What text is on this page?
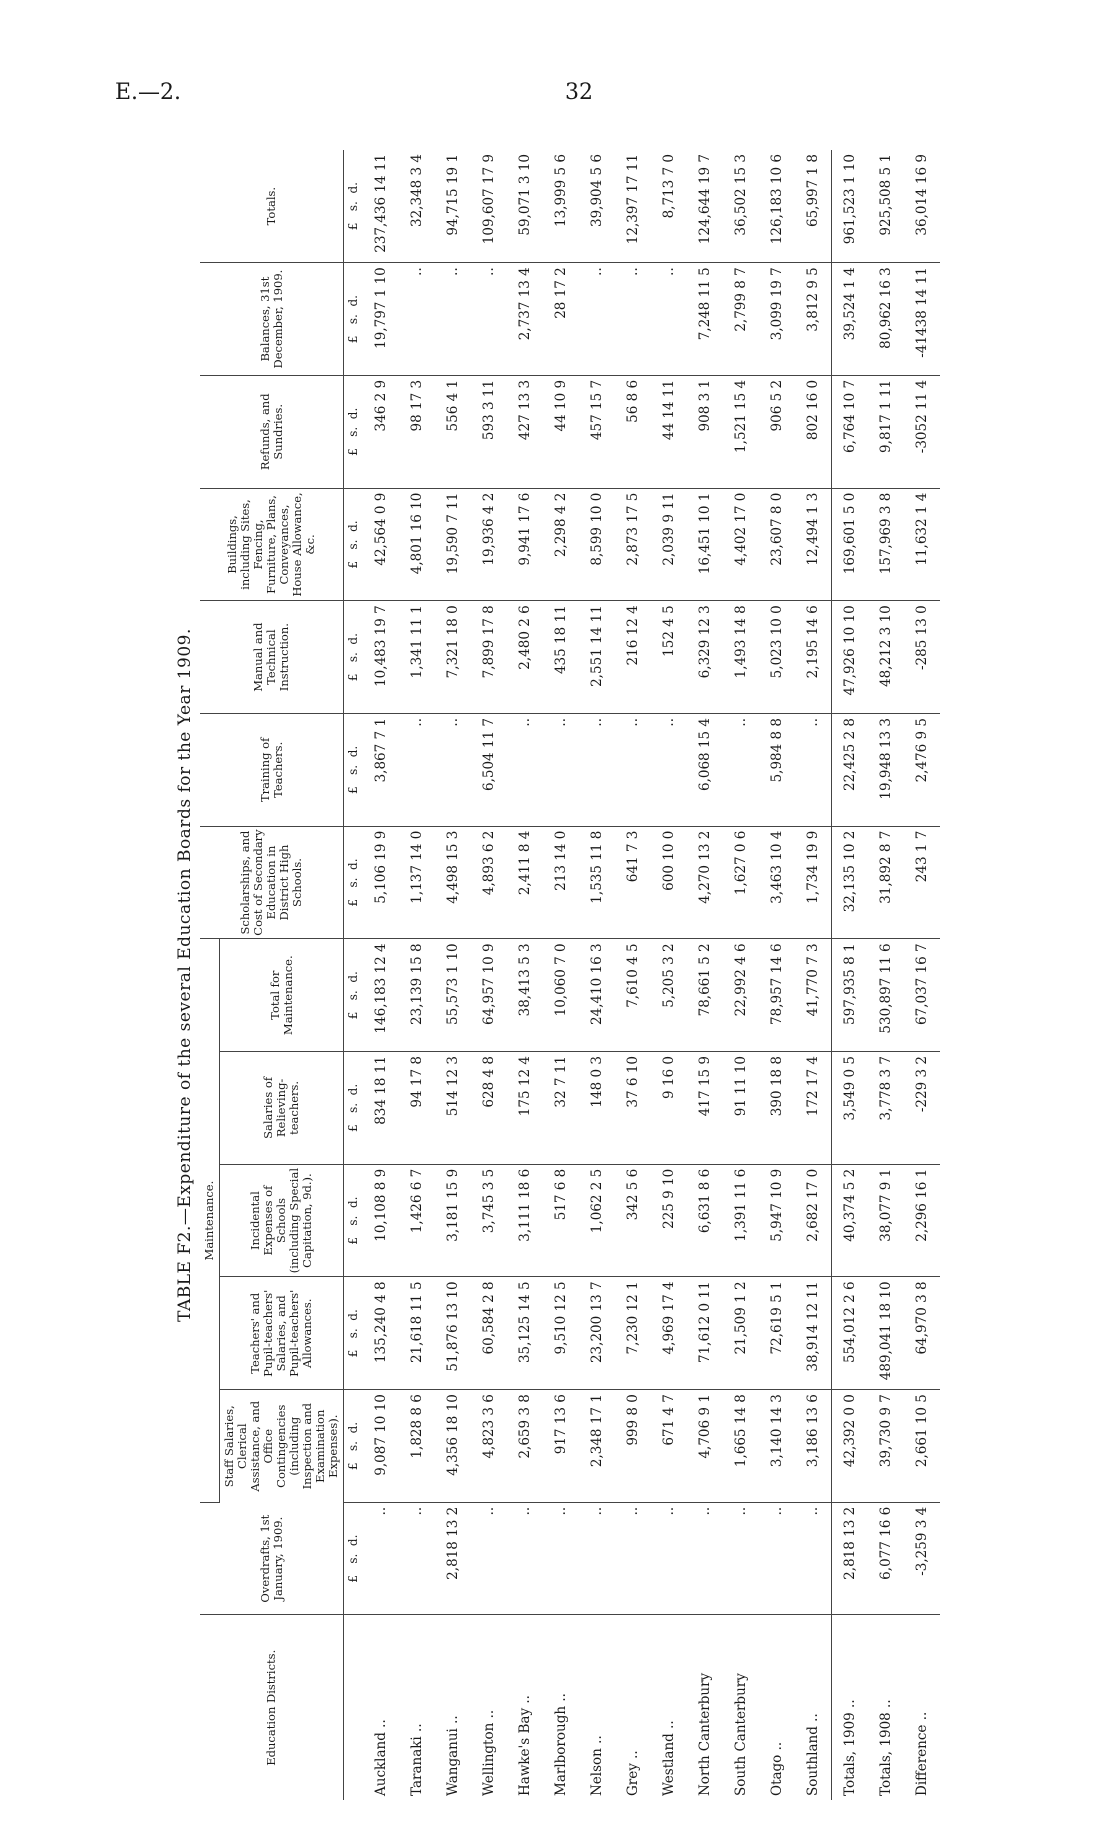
E.—2.	32
TABLE F2.—Expenditure of the several Education Boards for the Year 1909.
Education Districts.	Overdrafts, 1st January, 1909.	Maintenance.					Scholarships, and Cost of Secondary Education in District High Schools.	Training of Teachers.	Manual and Technical Instruction.	Buildings, including Sites, Fencing, Furniture, Plans, Conveyances, House Allowance, &c.	Refunds, and Sundries.	Balances, 31st December, 1909.	Totals.
		Staff Salaries, Clerical Assistance, and Office Contingencies (including Inspection and Examination Expenses).	Teachers' and Pupil-teachers' Salaries, and Pupil-teachers' Allowances.	Incidental Expenses of Schools (including Special Capitation, 9d.).	Salaries of Relieving-teachers.	Total for Maintenance.							
	£   s.  d.	£   s.  d.	£   s.  d.	£   s.  d.	£   s.  d.	£   s.  d.	£   s.  d.	£   s.  d.	£   s.  d.	£   s.  d.	£   s.  d.	£   s.  d.	£   s.  d.
Auckland ..	..	9,087 10 10	135,240 4 8	10,108 8 9	834 18 11	146,183 12 4	5,106 19 9	3,867 7 1	10,483 19 7	42,564 0 9	346 2 9	19,797 1 10	237,436 14 11
Taranaki ..	..	1,828 8 6	21,618 11 5	1,426 6 7	94 17 8	23,139 15 8	1,137 14 0	..	1,341 11 1	4,801 16 10	98 17 3	..	32,348 3 4
Wanganui ..	2,818 13 2	4,356 18 10	51,876 13 10	3,181 15 9	514 12 3	55,573 1 10	4,498 15 3	..	7,321 18 0	19,590 7 11	556 4 1	..	94,715 19 1
Wellington ..	..	4,823 3 6	60,584 2 8	3,745 3 5	628 4 8	64,957 10 9	4,893 6 2	6,504 11 7	7,899 17 8	19,936 4 2	593 3 11	..	109,607 17 9
Hawke's Bay ..	..	2,659 3 8	35,125 14 5	3,111 18 6	175 12 4	38,413 5 3	2,411 8 4	..	2,480 2 6	9,941 17 6	427 13 3	2,737 13 4	59,071 3 10
Marlborough ..	..	917 13 6	9,510 12 5	517 6 8	32 7 11	10,060 7 0	213 14 0	..	435 18 11	2,298 4 2	44 10 9	28 17 2	13,999 5 6
Nelson ..	..	2,348 17 1	23,200 13 7	1,062 2 5	148 0 3	24,410 16 3	1,535 11 8	..	2,551 14 11	8,599 10 0	457 15 7	..	39,904 5 6
Grey ..	..	999 8 0	7,230 12 1	342 5 6	37 6 10	7,610 4 5	641 7 3	..	216 12 4	2,873 17 5	56 8 6	..	12,397 17 11
Westland ..	..	671 4 7	4,969 17 4	225 9 10	9 16 0	5,205 3 2	600 10 0	..	152 4 5	2,039 9 11	44 14 11	..	8,713 7 0
North Canterbury	..	4,706 9 1	71,612 0 11	6,631 8 6	417 15 9	78,661 5 2	4,270 13 2	6,068 15 4	6,329 12 3	16,451 10 1	908 3 1	7,248 11 5	124,644 19 7
South Canterbury	..	1,665 14 8	21,509 1 2	1,391 11 6	91 11 10	22,992 4 6	1,627 0 6	..	1,493 14 8	4,402 17 0	1,521 15 4	2,799 8 7	36,502 15 3
Otago ..	..	3,140 14 3	72,619 5 1	5,947 10 9	390 18 8	78,957 14 6	3,463 10 4	5,984 8 8	5,023 10 0	23,607 8 0	906 5 2	3,099 19 7	126,183 10 6
Southland ..	..	3,186 13 6	38,914 12 11	2,682 17 0	172 17 4	41,770 7 3	1,734 19 9	..	2,195 14 6	12,494 1 3	802 16 0	3,812 9 5	65,997 1 8
Totals, 1909 ..	2,818 13 2	42,392 0 0	554,012 2 6	40,374 5 2	3,549 0 5	597,935 8 1	32,135 10 2	22,425 2 8	47,926 10 10	169,601 5 0	6,764 10 7	39,524 1 4	961,523 1 10
Totals, 1908 ..	6,077 16 6	39,730 9 7	489,041 18 10	38,077 9 1	3,778 3 7	530,897 11 6	31,892 8 7	19,948 13 3	48,212 3 10	157,969 3 8	9,817 1 11	80,962 16 3	925,508 5 1
Difference ..	-3,259 3 4	2,661 10 5	64,970 3 8	2,296 16 1	-229 3 2	67,037 16 7	243 1 7	2,476 9 5	-285 13 0	11,632 1 4	-3052 11 4	-41438 14 11	36,014 16 9
